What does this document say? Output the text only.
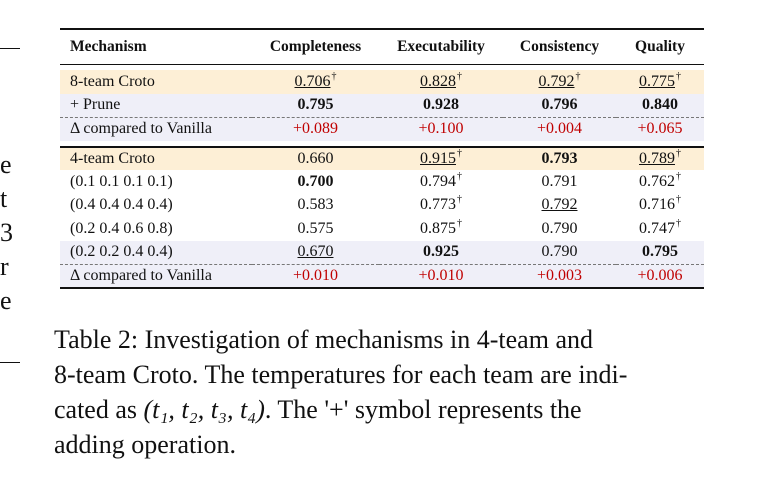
e
t
3
r
e
Mechanism	Completeness	Executability	Consistency	Quality

8-team Croto	0.706†	0.828†	0.792†	0.775†
+ Prune	0.795	0.928	0.796	0.840
Δ compared to Vanilla	+0.089	+0.100	+0.004	+0.065

4-team Croto	0.660	0.915†	0.793	0.789†
(0.1 0.1 0.1 0.1)	0.700	0.794†	0.791	0.762†
(0.4 0.4 0.4 0.4)	0.583	0.773†	0.792	0.716†
(0.2 0.4 0.6 0.8)	0.575	0.875†	0.790	0.747†
(0.2 0.2 0.4 0.4)	0.670	0.925	0.790	0.795
Δ compared to Vanilla	+0.010	+0.010	+0.003	+0.006
Table 2: Investigation of mechanisms in 4-team and
8-team Croto. The temperatures for each team are indi-
cated as (t₁, t₂, t₃, t₄). The '+' symbol represents the
adding operation.
